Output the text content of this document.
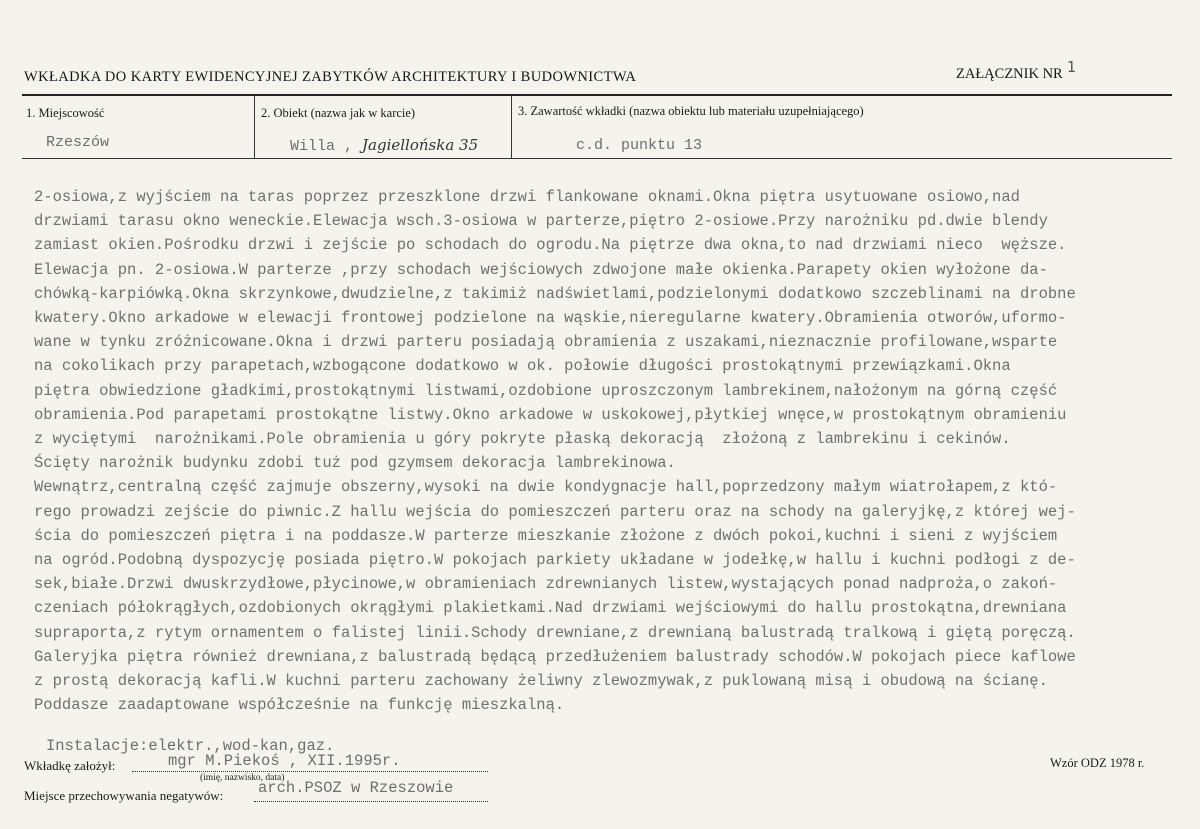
WKŁADKA DO KARTY EWIDENCYJNEJ ZABYTKÓW ARCHITEKTURY I BUDOWNICTWA	ZAŁĄCZNIK NR 1
1. Miejscowość
Rzeszów
2. Obiekt (nazwa jak w karcie)
Willa , Jagiellońska 35
3. Zawartość wkładki (nazwa obiektu lub materiału uzupełniającego)
c.d. punktu 13
2-osiowa,z wyjściem na taras poprzez przeszklone drzwi flankowane oknami.Okna piętra usytuowane osiowo,nad
drzwiami tarasu okno weneckie.Elewacja wsch.3-osiowa w parterze,piętro 2-osiowe.Przy narożniku pd.dwie blendy
zamiast okien.Pośrodku drzwi i zejście po schodach do ogrodu.Na piętrze dwa okna,to nad drzwiami nieco  węższe.
Elewacja pn. 2-osiowa.W parterze ,przy schodach wejściowych zdwojone małe okienka.Parapety okien wyłożone da-
chówką-karpiówką.Okna skrzynkowe,dwudzielne,z takimiż nadświetlami,podzielonymi dodatkowo szczeblinami na drobne
kwatery.Okno arkadowe w elewacji frontowej podzielone na wąskie,nieregularne kwatery.Obramienia otworów,uformo-
wane w tynku zróżnicowane.Okna i drzwi parteru posiadają obramienia z uszakami,nieznacznie profilowane,wsparte
na cokolikach przy parapetach,wzbogącone dodatkowo w ok. połowie długości prostokątnymi przewiązkami.Okna
piętra obwiedzione gładkimi,prostokątnymi listwami,ozdobione uproszczonym lambrekinem,nałożonym na górną część
obramienia.Pod parapetami prostokątne listwy.Okno arkadowe w uskokowej,płytkiej wnęce,w prostokątnym obramieniu
z wyciętymi  narożnikami.Pole obramienia u góry pokryte płaską dekoracją  złożoną z lambrekinu i cekinów.
Ścięty narożnik budynku zdobi tuż pod gzymsem dekoracja lambrekinowa.
Wewnątrz,centralną część zajmuje obszerny,wysoki na dwie kondygnacje hall,poprzedzony małym wiatrołapem,z któ-
rego prowadzi zejście do piwnic.Z hallu wejścia do pomieszczeń parteru oraz na schody na galeryjkę,z której wej-
ścia do pomieszczeń piętra i na poddasze.W parterze mieszkanie złożone z dwóch pokoi,kuchni i sieni z wyjściem
na ogród.Podobną dyspozycję posiada piętro.W pokojach parkiety układane w jodełkę,w hallu i kuchni podłogi z de-
sek,białe.Drzwi dwuskrzydłowe,płycinowe,w obramieniach zdrewnianych listew,wystających ponad nadproża,o zakoń-
czeniach półokrągłych,ozdobionych okrągłymi plakietkami.Nad drzwiami wejściowymi do hallu prostokątna,drewniana
supraporta,z rytym ornamentem o falistej linii.Schody drewniane,z drewnianą balustradą tralkową i giętą poręczą.
Galeryjka piętra również drewniana,z balustradą będącą przedłużeniem balustrady schodów.W pokojach piece kaflowe
z prostą dekoracją kafli.W kuchni parteru zachowany żeliwny zlewozmywak,z puklowaną misą i obudową na ścianę.
Poddasze zaadaptowane współcześnie na funkcję mieszkalną.
Instalacje:elektr.,wod-kan,gaz.
Wkładkę założył:	mgr M.Piekoś , XII.1995r.
(imię, nazwisko, data)
Miejsce przechowywania negatywów: arch.PSOZ w Rzeszowie
Wzór ODZ 1978 r.
